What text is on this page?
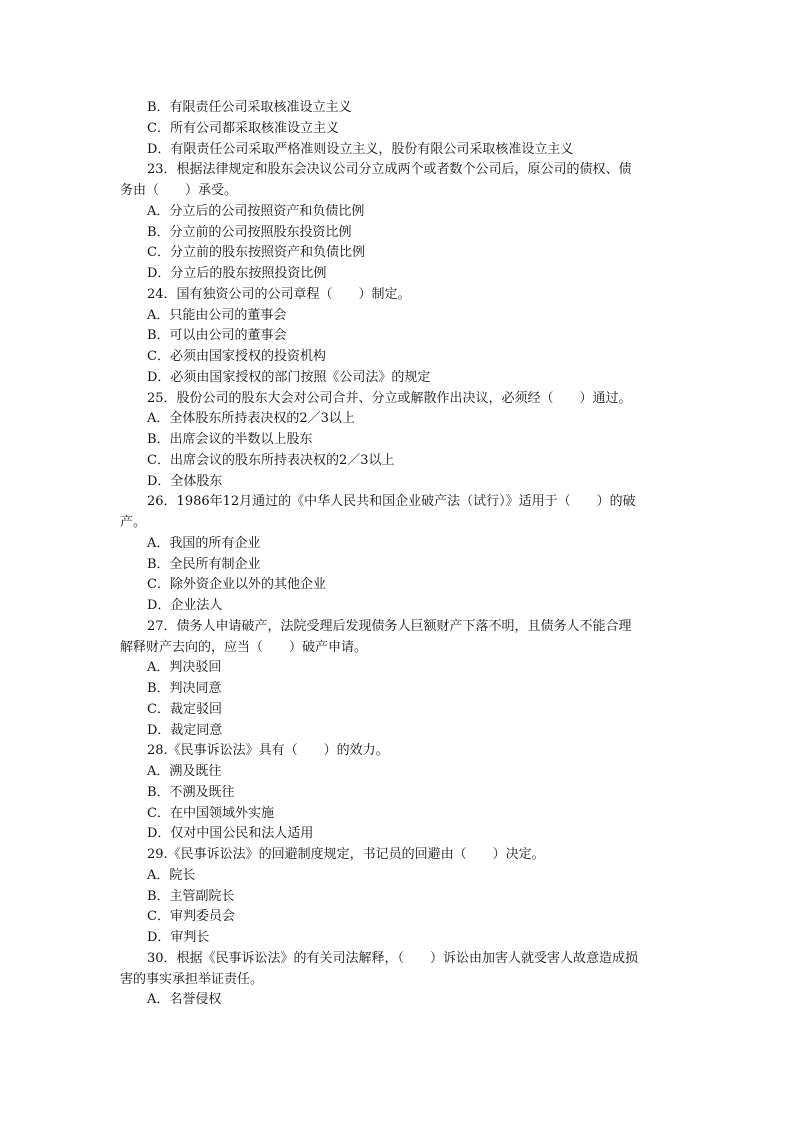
B．有限责任公司采取核准设立主义
C．所有公司都采取核准设立主义
D．有限责任公司采取严格准则设立主义，股份有限公司采取核准设立主义
23．根据法律规定和股东会决议公司分立成两个或者数个公司后，原公司的债权、债
务由（　　）承受。
A．分立后的公司按照资产和负债比例
B．分立前的公司按照股东投资比例
C．分立前的股东按照资产和负债比例
D．分立后的股东按照投资比例
24．国有独资公司的公司章程（　　）制定。
A．只能由公司的董事会
B．可以由公司的董事会
C．必须由国家授权的投资机构
D．必须由国家授权的部门按照《公司法》的规定
25．股份公司的股东大会对公司合并、分立或解散作出决议，必须经（　　）通过。
A．全体股东所持表决权的2／3以上
B．出席会议的半数以上股东
C．出席会议的股东所持表决权的2／3以上
D．全体股东
26．1986年12月通过的《中华人民共和国企业破产法（试行）》适用于（　　）的破
产。
A．我国的所有企业
B．全民所有制企业
C．除外资企业以外的其他企业
D．企业法人
27．债务人申请破产，法院受理后发现债务人巨额财产下落不明，且债务人不能合理
解释财产去向的，应当（　　）破产申请。
A．判决驳回
B．判决同意
C．裁定驳回
D．裁定同意
28.《民事诉讼法》具有（　　）的效力。
A．溯及既往
B．不溯及既往
C．在中国领域外实施
D．仅对中国公民和法人适用
29.《民事诉讼法》的回避制度规定，书记员的回避由（　　）决定。
A．院长
B．主管副院长
C．审判委员会
D．审判长
30．根据《民事诉讼法》的有关司法解释，（　　）诉讼由加害人就受害人故意造成损
害的事实承担举证责任。
A．名誉侵权
